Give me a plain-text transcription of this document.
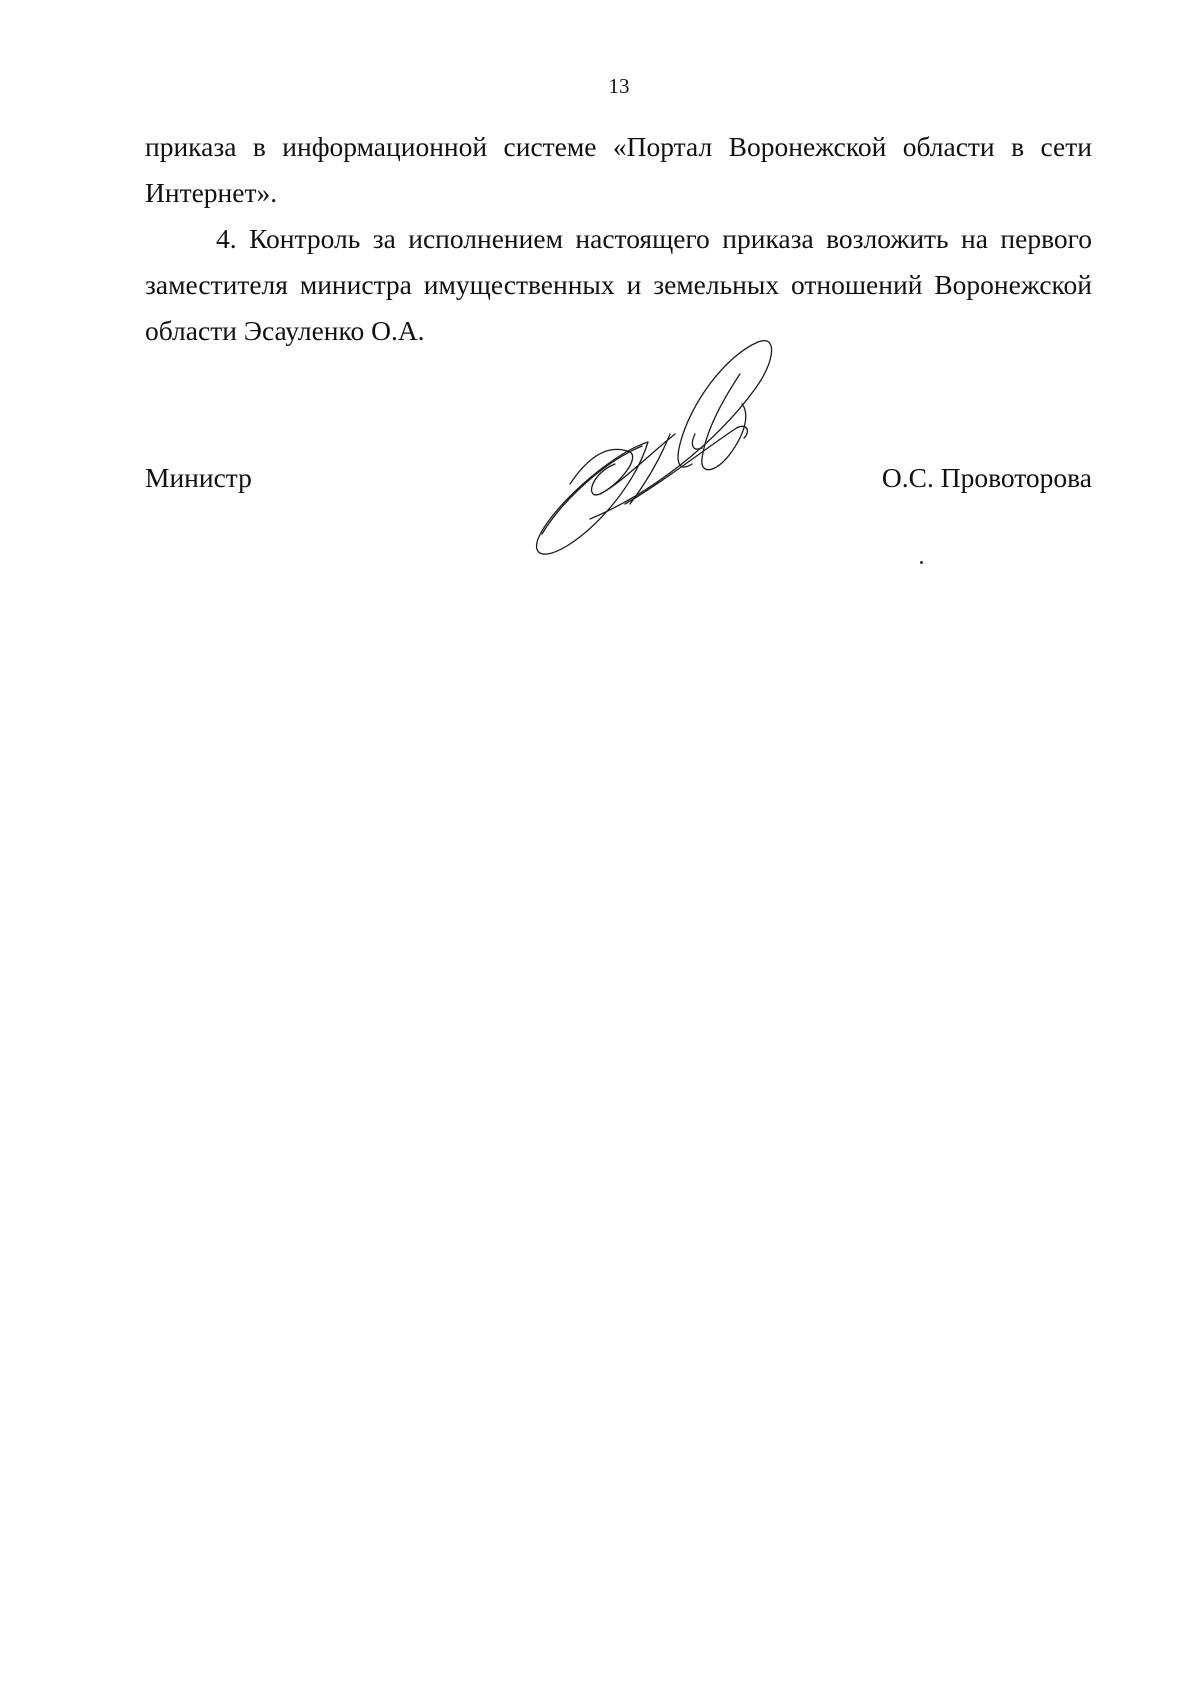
13

приказа в информационной системе «Портал Воронежской области в сети Интернет».

4. Контроль за исполнением настоящего приказа возложить на первого заместителя министра имущественных и земельных отношений Воронежской области Эсауленко О.А.

Министр	О.С. Провоторова
